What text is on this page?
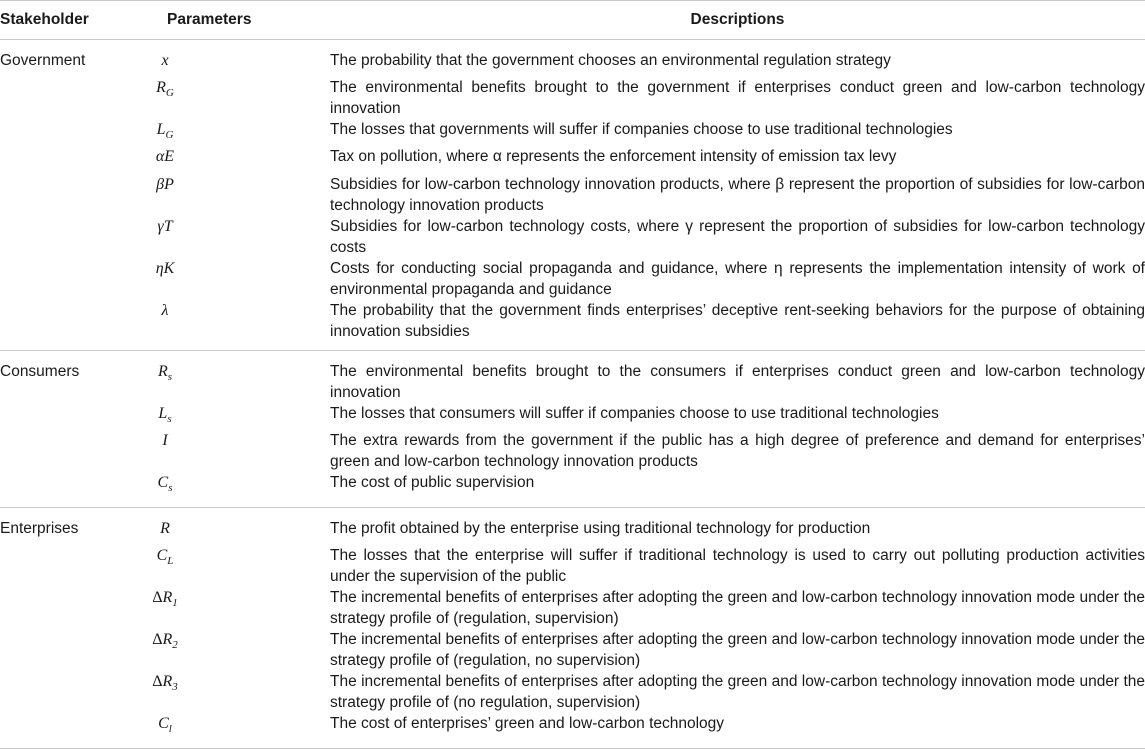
Stakeholder	Parameters	Descriptions
Government	x	The probability that the government chooses an environmental regulation strategy
	$R_G$	The environmental benefits brought to the government if enterprises conduct green and low-carbon technology innovation
	$L_G$	The losses that governments will suffer if companies choose to use traditional technologies
	αE	Tax on pollution, where α represents the enforcement intensity of emission tax levy
	βP	Subsidies for low-carbon technology innovation products, where β represent the proportion of subsidies for low-carbon technology innovation products
	γT	Subsidies for low-carbon technology costs, where γ represent the proportion of subsidies for low-carbon technology costs
	ηK	Costs for conducting social propaganda and guidance, where η represents the implementation intensity of work of environmental propaganda and guidance
	λ	The probability that the government finds enterprises’ deceptive rent-seeking behaviors for the purpose of obtaining innovation subsidies
Consumers	$R_s$	The environmental benefits brought to the consumers if enterprises conduct green and low-carbon technology innovation
	$L_s$	The losses that consumers will suffer if companies choose to use traditional technologies
	I	The extra rewards from the government if the public has a high degree of preference and demand for enterprises’ green and low-carbon technology innovation products
	$C_s$	The cost of public supervision
Enterprises	R	The profit obtained by the enterprise using traditional technology for production
	$C_L$	The losses that the enterprise will suffer if traditional technology is used to carry out polluting production activities under the supervision of the public
	$\Delta R_1$	The incremental benefits of enterprises after adopting the green and low-carbon technology innovation mode under the strategy profile of (regulation, supervision)
	$\Delta R_2$	The incremental benefits of enterprises after adopting the green and low-carbon technology innovation mode under the strategy profile of (regulation, no supervision)
	$\Delta R_3$	The incremental benefits of enterprises after adopting the green and low-carbon technology innovation mode under the strategy profile of (no regulation, supervision)
	$C_l$	The cost of enterprises’ green and low-carbon technology
